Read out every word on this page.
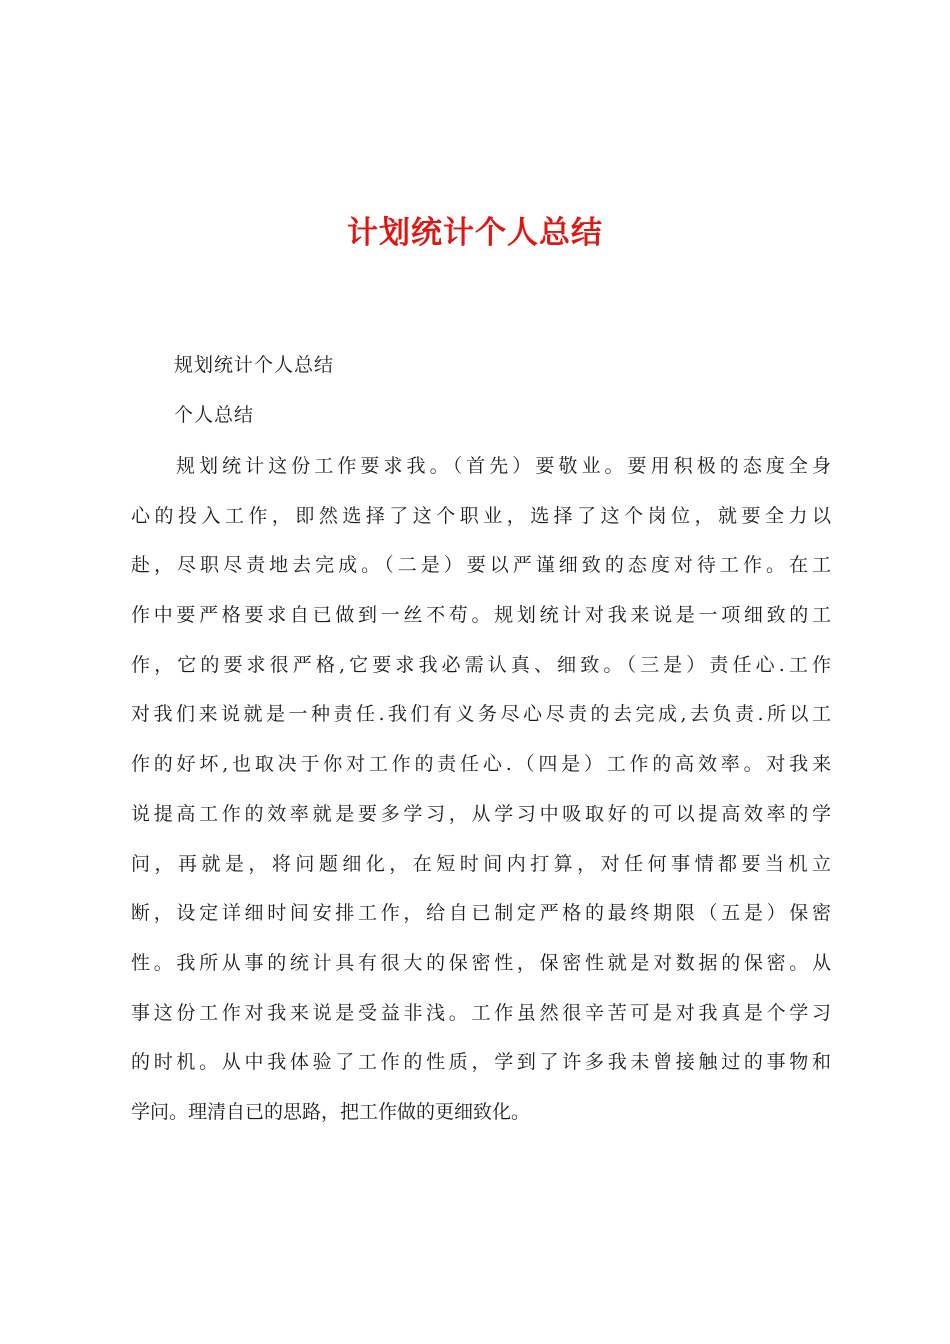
计划统计个人总结
规划统计个人总结
个人总结
规划统计这份工作要求我。（首先）要敬业。要用积极的态度全身
心的投入工作，即然选择了这个职业，选择了这个岗位，就要全力以
赴，尽职尽责地去完成。（二是）要以严谨细致的态度对待工作。在工
作中要严格要求自已做到一丝不苟。规划统计对我来说是一项细致的工
作，它的要求很严格,它要求我必需认真、细致。（三是）责任心.工作
对我们来说就是一种责任.我们有义务尽心尽责的去完成,去负责.所以工
作的好坏,也取决于你对工作的责任心.（四是）工作的高效率。对我来
说提高工作的效率就是要多学习，从学习中吸取好的可以提高效率的学
问，再就是，将问题细化，在短时间内打算，对任何事情都要当机立
断，设定详细时间安排工作，给自已制定严格的最终期限（五是）保密
性。我所从事的统计具有很大的保密性，保密性就是对数据的保密。从
事这份工作对我来说是受益非浅。工作虽然很辛苦可是对我真是个学习
的时机。从中我体验了工作的性质，学到了许多我未曾接触过的事物和
学问。理清自已的思路，把工作做的更细致化。
